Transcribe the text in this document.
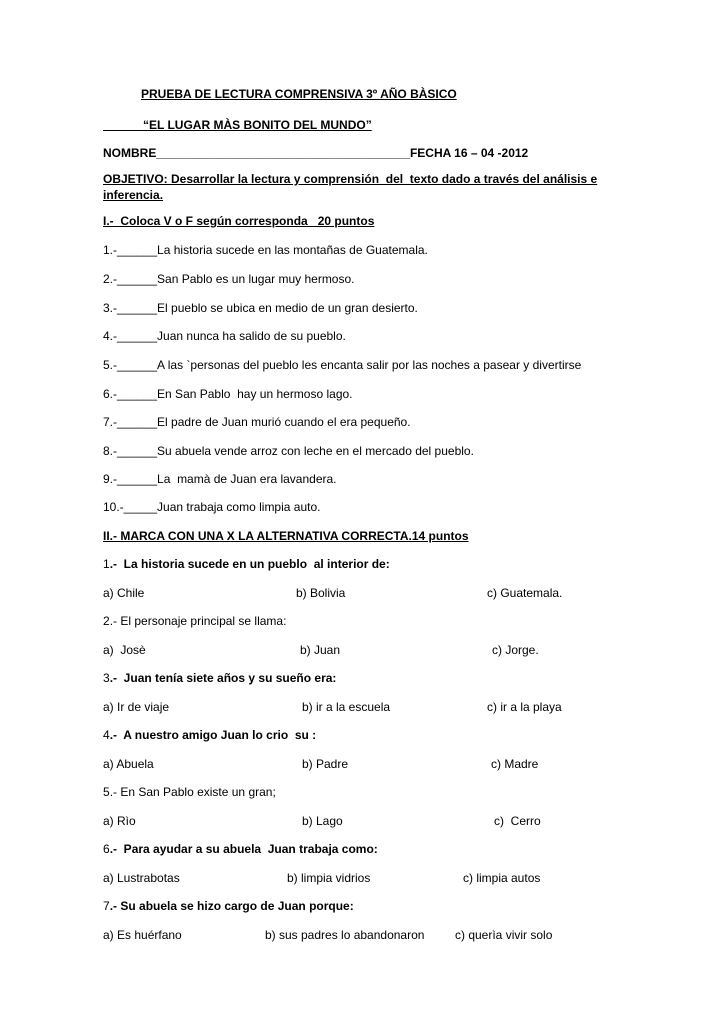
PRUEBA DE LECTURA COMPRENSIVA 3º AÑO BÀSICO
“EL LUGAR MÀS BONITO DEL MUNDO”
NOMBRE______________________________________FECHA 16 – 04 -2012
OBJETIVO: Desarrollar la lectura y comprensión  del  texto dado a través del análisis e
inferencia.
I.-  Coloca V o F según corresponda   20 puntos
1.-______La historia sucede en las montañas de Guatemala.
2.-______San Pablo es un lugar muy hermoso.
3.-______El pueblo se ubica en medio de un gran desierto.
4.-______Juan nunca ha salido de su pueblo.
5.-______A las `personas del pueblo les encanta salir por las noches a pasear y divertirse
6.-______En San Pablo  hay un hermoso lago.
7.-______El padre de Juan murió cuando el era pequeño.
8.-______Su abuela vende arroz con leche en el mercado del pueblo.
9.-______La  mamà de Juan era lavandera.
10.-_____Juan trabaja como limpia auto.
II.- MARCA CON UNA X LA ALTERNATIVA CORRECTA.14 puntos
1.-  La historia sucede en un pueblo  al interior de:
a) Chile	b) Bolivia	c) Guatemala.
2.- El personaje principal se llama:
a)  Josè	b) Juan	c) Jorge.
3.-  Juan tenía siete años y su sueño era:
a) Ir de viaje	b) ir a la escuela	c) ir a la playa
4.-  A nuestro amigo Juan lo crio  su :
a) Abuela	b) Padre	c) Madre
5.- En San Pablo existe un gran;
a) Rìo	b) Lago	c)  Cerro
6.-  Para ayudar a su abuela  Juan trabaja como:
a) Lustrabotas	b) limpia vidrios	c) limpia autos
7.- Su abuela se hizo cargo de Juan porque:
a) Es huérfano	b) sus padres lo abandonaron	c) querìa vivir solo
